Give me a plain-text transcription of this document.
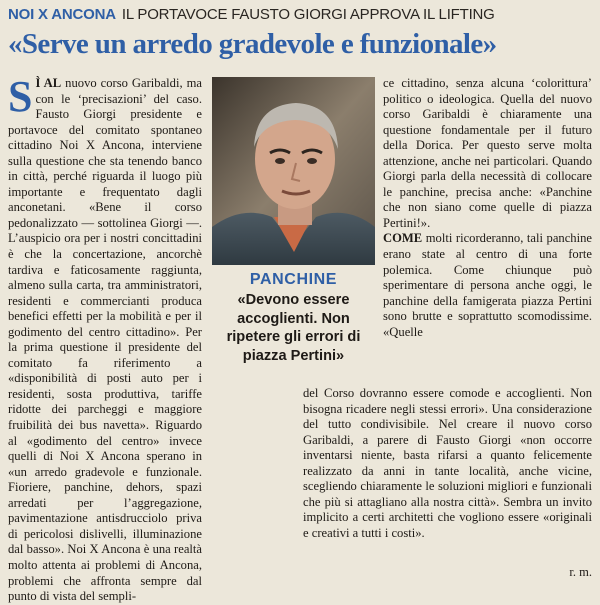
NOI X ANCONA IL PORTAVOCE FAUSTO GIORGI APPROVA IL LIFTING
«Serve un arredo gradevole e funzionale»

S Ì AL nuovo corso Garibaldi, ma con le ‘precisazioni’ del caso. Fausto Giorgi presidente e portavoce del comitato spontaneo cittadino Noi X Ancona, interviene sulla questione che sta tenendo banco in città, perché riguarda il luogo più importante e frequentato dagli anconetani. «Bene il corso pedonalizzato — sottolinea Giorgi —. L’auspicio ora per i nostri concittadini è che la concertazione, ancorchè tardiva e faticosamente raggiunta, almeno sulla carta, tra amministratori, residenti e commercianti produca benefici effetti per la mobilità e per il godimento del centro cittadino». Per la prima questione il presidente del comitato fa riferimento a «disponibilità di posti auto per i residenti, sosta produttiva, tariffe ridotte dei parcheggi e maggiore fruibilità dei bus navetta». Riguardo al «godimento del centro» invece quelli di Noi X Ancona sperano in «un arredo gradevole e funzionale. Fioriere, panchine, dehors, spazi arredati per l’aggregazione, pavimentazione antisdrucciolo priva di pericolosi dislivelli, illuminazione dal basso». Noi X Ancona è una realtà molto attenta ai problemi di Ancona, problemi che affronta sempre dal punto di vista del sempli-

PANCHINE
«Devono essere accoglienti. Non ripetere gli errori di piazza Pertini»

ce cittadino, senza alcuna ‘colorittura’ politico o ideologica. Quella del nuovo corso Garibaldi è chiaramente una questione fondamentale per il futuro della Dorica. Per questo serve molta attenzione, anche nei particolari. Quando Giorgi parla della necessità di collocare le panchine, precisa anche: «Panchine che non siano come quelle di piazza Pertini!».

COME molti ricorderanno, tali panchine erano state al centro di una forte polemica. Come chiunque può sperimentare di persona anche oggi, le panchine della famigerata piazza Pertini sono brutte e soprattutto scomodissime. «Quelle

del Corso dovranno essere comode e accoglienti. Non bisogna ricadere negli stessi errori». Una considerazione del tutto condivisibile. Nel creare il nuovo corso Garibaldi, a parere di Fausto Giorgi «non occorre inventarsi niente, basta rifarsi a quanto felicemente realizzato da anni in tante località, anche vicine, scegliendo chiaramente le soluzioni migliori e funzionali che più si attagliano alla nostra città». Sembra un invito implicito a certi architetti che vogliono essere «originali e creativi a tutti i costi».

r. m.
